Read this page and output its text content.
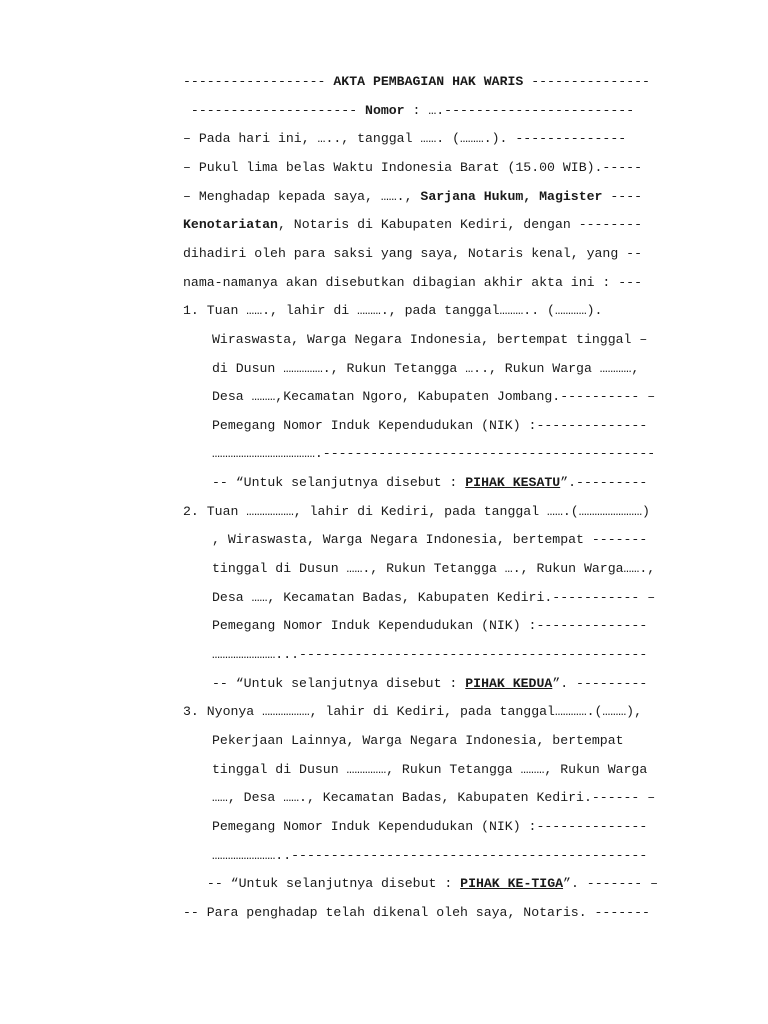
------------------ AKTA PEMBAGIAN HAK WARIS ---------------
--------------------- Nomor : ….------------------------
– Pada hari ini, ….., tanggal ……. (……….). --------------
– Pukul lima belas Waktu Indonesia Barat (15.00 WIB).-----
– Menghadap kepada saya, ……., Sarjana Hukum, Magister ----
Kenotariatan, Notaris di Kabupaten Kediri, dengan --------
dihadiri oleh para saksi yang saya, Notaris kenal, yang --
nama-namanya akan disebutkan dibagian akhir akta ini : ---
1. Tuan ……., lahir di ………., pada tanggal……….. (…………).
Wiraswasta, Warga Negara Indonesia, bertempat tinggal –
di Dusun ……………., Rukun Tetangga ….., Rukun Warga …………,
Desa ………,Kecamatan Ngoro, Kabupaten Jombang.---------- –
Pemegang Nomor Induk Kependudukan (NIK) :--------------
………………………………….------------------------------------------
-- “Untuk selanjutnya disebut : PIHAK KESATU”.---------
2. Tuan ………………, lahir di Kediri, pada tanggal …….(……………………)
, Wiraswasta, Warga Negara Indonesia, bertempat -------
tinggal di Dusun ……., Rukun Tetangga …., Rukun Warga…….,
Desa ……, Kecamatan Badas, Kabupaten Kediri.----------- –
Pemegang Nomor Induk Kependudukan (NIK) :--------------
……………………...--------------------------------------------
-- “Untuk selanjutnya disebut : PIHAK KEDUA”. ---------
3. Nyonya ………………, lahir di Kediri, pada tanggal………….(………),
Pekerjaan Lainnya, Warga Negara Indonesia, bertempat
tinggal di Dusun ……………, Rukun Tetangga ………, Rukun Warga
……, Desa ……., Kecamatan Badas, Kabupaten Kediri.------ –
Pemegang Nomor Induk Kependudukan (NIK) :--------------
……………………..---------------------------------------------
-- “Untuk selanjutnya disebut : PIHAK KE-TIGA”. ------- –
-- Para penghadap telah dikenal oleh saya, Notaris. -------
